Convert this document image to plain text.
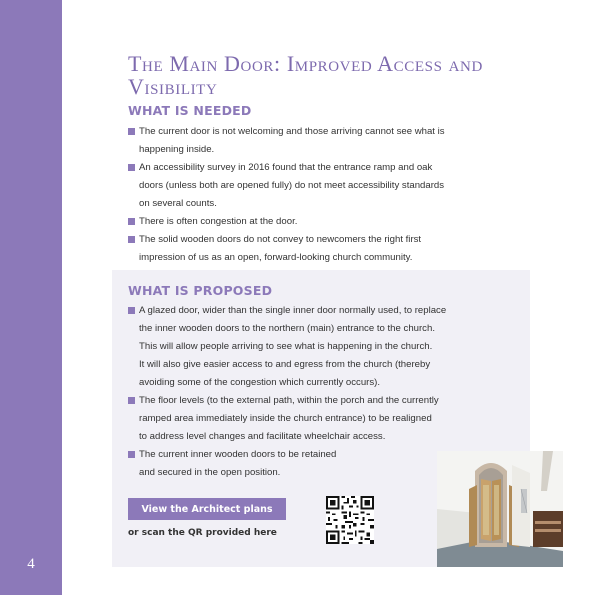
4
The Main Door: Improved Access and Visibility
WHAT IS NEEDED
The current door is not welcoming and those arriving cannot see what is
happening inside.
An accessibility survey in 2016 found that the entrance ramp and oak
doors (unless both are opened fully) do not meet accessibility standards
on several counts.
There is often congestion at the door.
The solid wooden doors do not convey to newcomers the right first
impression of us as an open, forward-looking church community.
WHAT IS PROPOSED
A glazed door, wider than the single inner door normally used, to replace
the inner wooden doors to the northern (main) entrance to the church.
This will allow people arriving to see what is happening in the church.
It will also give easier access to and egress from the church (thereby
avoiding some of the congestion which currently occurs).
The floor levels (to the external path, within the porch and the currently
ramped area immediately inside the church entrance) to be realigned
to address level changes and facilitate wheelchair access.
The current inner wooden doors to be retained
and secured in the open position.
View the Architect plans
or scan the QR provided here
